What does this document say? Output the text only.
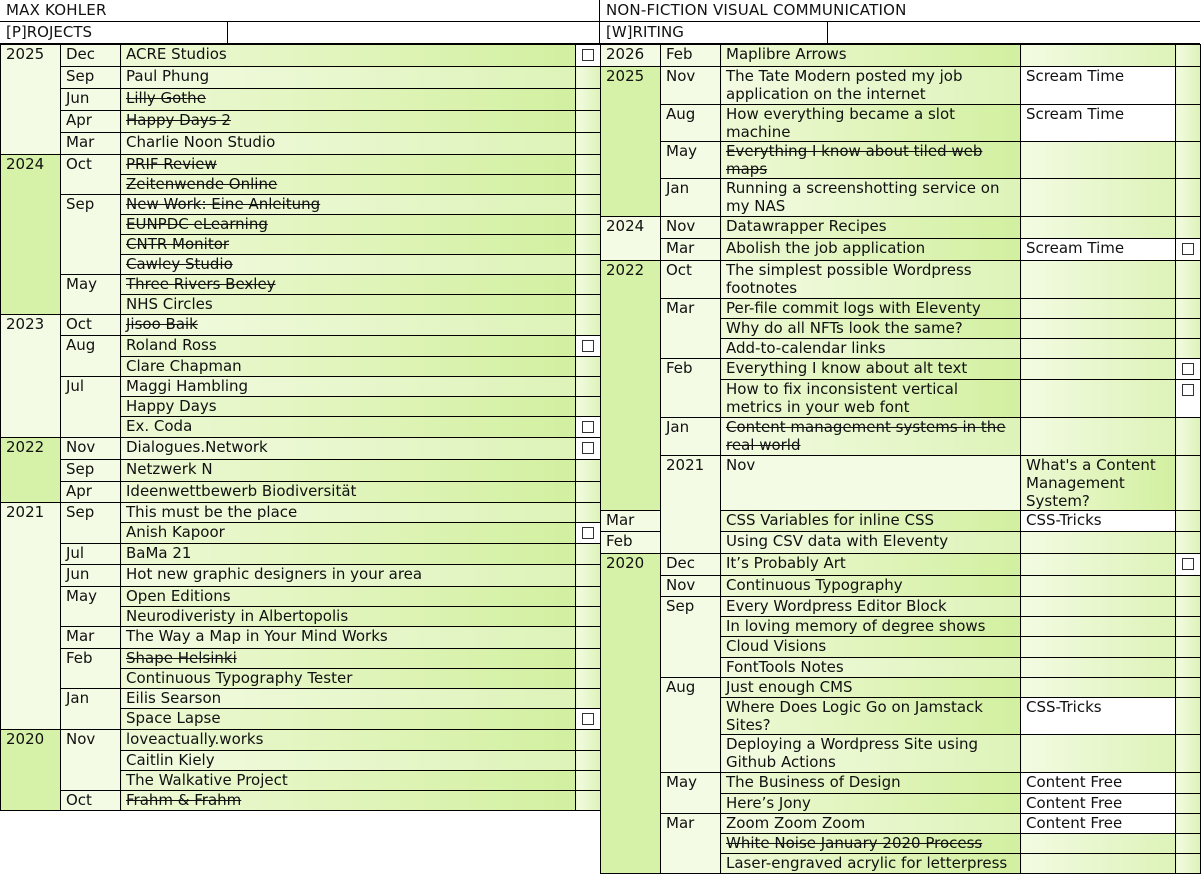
MAX KOHLER
[P]ROJECTS
2025	Dec	ACRE Studios	
	Sep	Paul Phung	
	Jun	Lilly Gothe	
	Apr	Happy Days 2	
	Mar	Charlie Noon Studio	
2024	Oct	PRIF Review	
		Zeitenwende Online	
	Sep	New Work: Eine Anleitung	
		EUNPDC eLearning	
		CNTR Monitor	
		Cawley Studio	
	May	Three Rivers Bexley	
		NHS Circles	
2023	Oct	Jisoo Baik	
	Aug	Roland Ross	
		Clare Chapman	
	Jul	Maggi Hambling	
		Happy Days	
		Ex. Coda	
2022	Nov	Dialogues.Network	
	Sep	Netzwerk N	
	Apr	Ideenwettbewerb Biodiversität	
2021	Sep	This must be the place	
		Anish Kapoor	
	Jul	BaMa 21	
	Jun	Hot new graphic designers in your area	
	May	Open Editions	
		Neurodiveristy in Albertopolis	
	Mar	The Way a Map in Your Mind Works	
	Feb	Shape Helsinki	
		Continuous Typography Tester	
	Jan	Eilis Searson	
		Space Lapse	
2020	Nov	loveactually.works	
		Caitlin Kiely	
		The Walkative Project	
	Oct	Frahm & Frahm	
NON-FICTION VISUAL COMMUNICATION
[W]RITING
2026	Feb	Maplibre Arrows			
2025	Nov	The Tate Modern posted my job application on the internet	Scream Time		
	Aug	How everything became a slot machine	Scream Time		
	May	Everything I know about tiled web maps			
	Jan	Running a screenshotting service on my NAS			
2024	Nov	Datawrapper Recipes			
	Mar	Abolish the job application	Scream Time		
2022	Oct	The simplest possible Wordpress footnotes			
	Mar	Per-file commit logs with Eleventy			
		Why do all NFTs look the same?			
		Add-to-calendar links			
	Feb	Everything I know about alt text			
		How to fix inconsistent vertical metrics in your web font			
	Jan	Content management systems in the real world			
	2021	Nov	What's a Content Management System?		
Mar		CSS Variables for inline CSS	CSS-Tricks		
Feb		Using CSV data with Eleventy			
2020	Dec	It’s Probably Art			
	Nov	Continuous Typography			
	Sep	Every Wordpress Editor Block			
		In loving memory of degree shows			
		Cloud Visions			
		FontTools Notes			
	Aug	Just enough CMS			
		Where Does Logic Go on Jamstack Sites?	CSS-Tricks		
		Deploying a Wordpress Site using Github Actions			
	May	The Business of Design	Content Free		
		Here’s Jony	Content Free		
	Mar	Zoom Zoom Zoom	Content Free		
		White Noise January 2020 Process			
		Laser-engraved acrylic for letterpress			
